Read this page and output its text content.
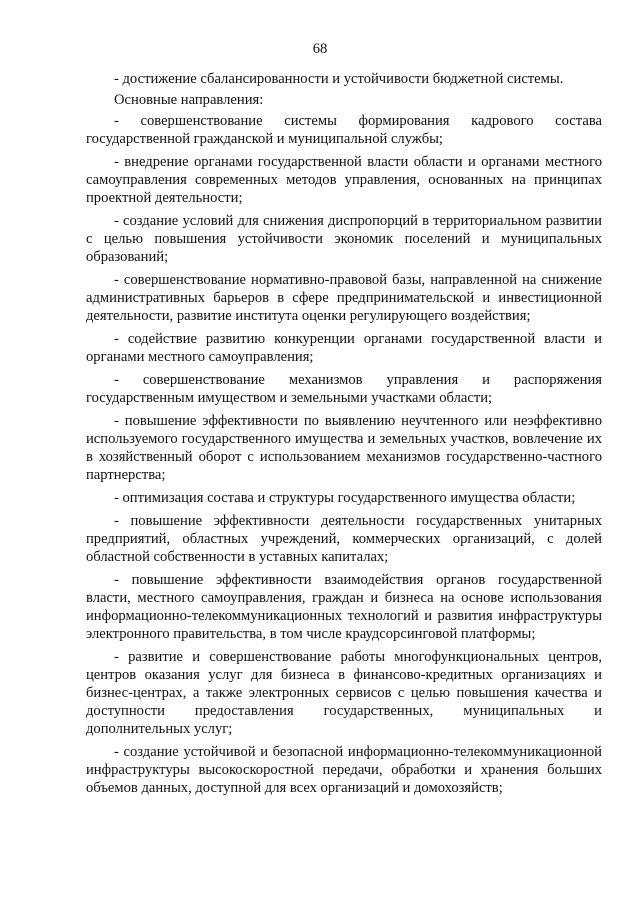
68

- достижение сбалансированности и устойчивости бюджетной системы.

Основные направления:

- совершенствование системы формирования кадрового состава государственной гражданской и муниципальной службы;

- внедрение органами государственной власти области и органами местного самоуправления современных методов управления, основанных на принципах проектной деятельности;

- создание условий для снижения диспропорций в территориальном развитии с целью повышения устойчивости экономик поселений и муниципальных образований;

- совершенствование нормативно-правовой базы, направленной на снижение административных барьеров в сфере предпринимательской и инвестиционной деятельности, развитие института оценки регулирующего воздействия;

- содействие развитию конкуренции органами государственной власти и органами местного самоуправления;

- совершенствование механизмов управления и распоряжения государственным имуществом и земельными участками области;

- повышение эффективности по выявлению неучтенного или неэффективно используемого государственного имущества и земельных участков, вовлечение их в хозяйственный оборот с использованием механизмов государственно-частного партнерства;

- оптимизация состава и структуры государственного имущества области;

- повышение эффективности деятельности государственных унитарных предприятий, областных учреждений, коммерческих организаций, с долей областной собственности в уставных капиталах;

- повышение эффективности взаимодействия органов государственной власти, местного самоуправления, граждан и бизнеса на основе использования информационно-телекоммуникационных технологий и развития инфраструктуры электронного правительства, в том числе краудсорсинговой платформы;

- развитие и совершенствование работы многофункциональных центров, центров оказания услуг для бизнеса в финансово-кредитных организациях и бизнес-центрах, а также электронных сервисов с целью повышения качества и доступности предоставления государственных, муниципальных и дополнительных услуг;

- создание устойчивой и безопасной информационно-телекоммуникационной инфраструктуры высокоскоростной передачи, обработки и хранения больших объемов данных, доступной для всех организаций и домохозяйств;
